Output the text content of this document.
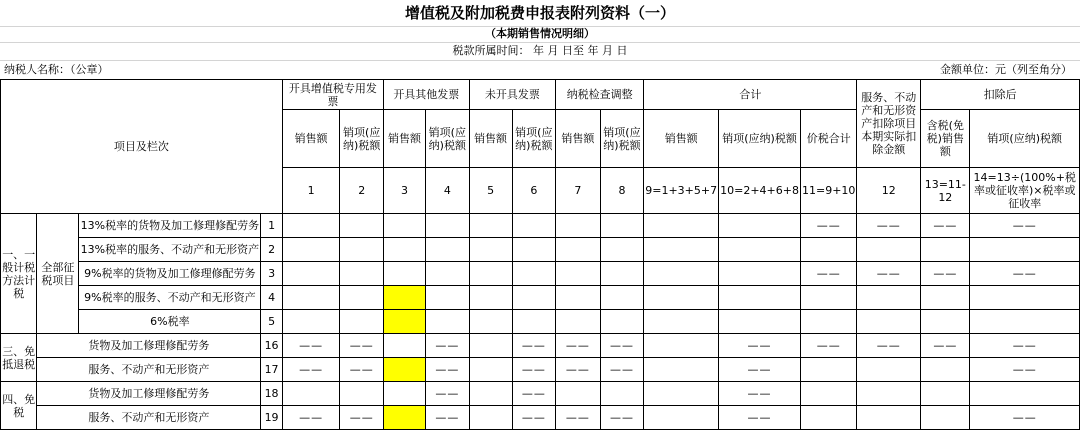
增值税及附加税费申报表附列资料（一）
（本期销售情况明细）
税款所属时间： 年 月 日至 年 月 日
纳税人名称：（公章）	金额单位：元（列至角分）
项目及栏次				开具增值税专用发票		开具其他发票		未开具发票		纳税检查调整		合计			服务、不动产和无形资产扣除项目本期实际扣除金额	扣除后	
				销售额	销项(应纳)税额	销售额	销项(应纳)税额	销售额	销项(应纳)税额	销售额	销项(应纳)税额	销售额	销项(应纳)税额	价税合计		含税(免税)销售额	销项(应纳)税额
				1	2	3	4	5	6	7	8	9=1+3+5+7	10=2+4+6+8	11=9+10	12	13=11-12	14=13÷(100%+税率或征收率)×税率或征收率
一、一般计税方法计税	全部征税项目	13%税率的货物及加工修理修配劳务	1											——	——	——	——
		13%税率的服务、不动产和无形资产	2														
		9%税率的货物及加工修理修配劳务	3											——	——	——	——
		9%税率的服务、不动产和无形资产	4														
		6%税率	5														
三、免抵退税	货物及加工修理修配劳务		16	——	——		——		——	——	——		——	——	——	——	——
	服务、不动产和无形资产		17	——	——		——		——	——	——		——				——
四、免税	货物及加工修理修配劳务		18				——		——				——				
	服务、不动产和无形资产		19	——	——		——		——	——	——		——				——
